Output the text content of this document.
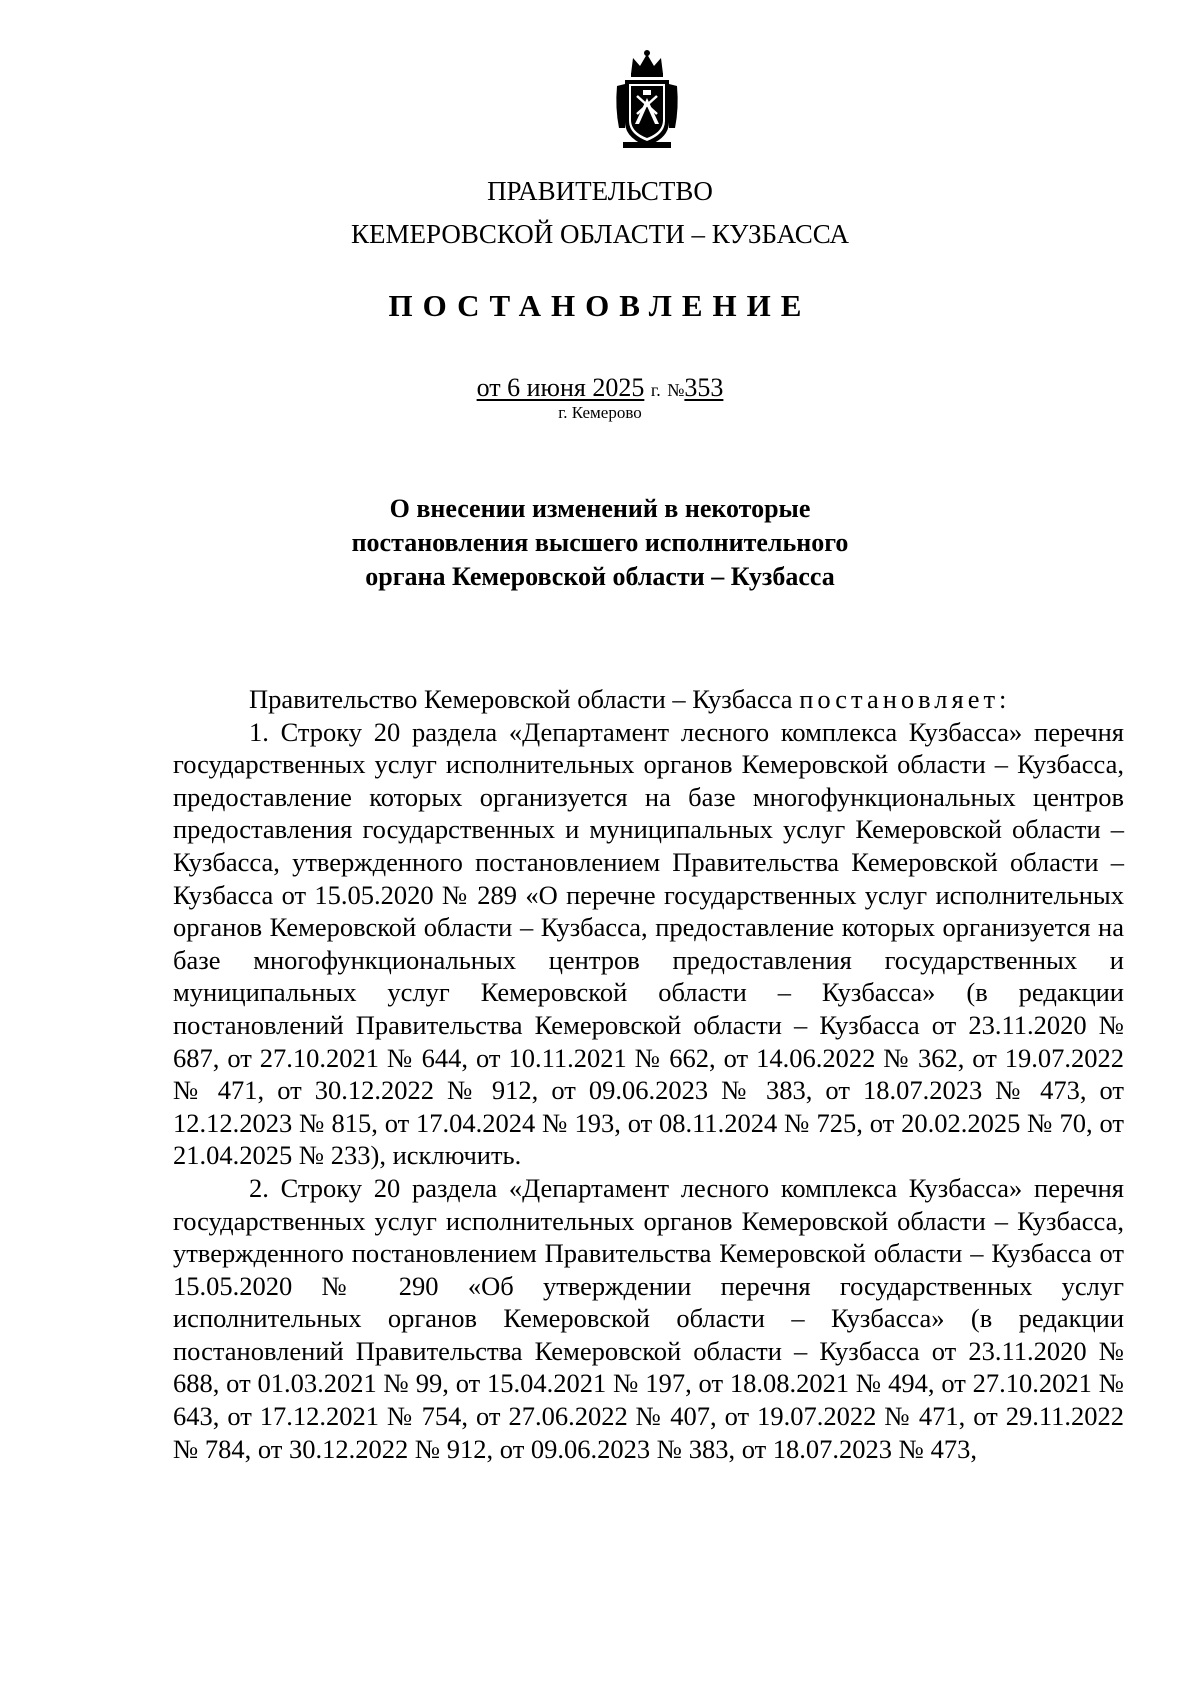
ПРАВИТЕЛЬСТВО
КЕМЕРОВСКОЙ ОБЛАСТИ – КУЗБАССА
ПОСТАНОВЛЕНИЕ
от 6 июня 2025 г. №353
г. Кемерово
О внесении изменений в некоторые
постановления высшего исполнительного
органа Кемеровской области – Кузбасса

Правительство Кемеровской области – Кузбасса постановляет:

1. Строку 20 раздела «Департамент лесного комплекса Кузбасса» перечня государственных услуг исполнительных органов Кемеровской области – Кузбасса, предоставление которых организуется на базе многофункциональных центров предоставления государственных и муниципальных услуг Кемеровской области – Кузбасса, утвержденного постановлением Правительства Кемеровской области – Кузбасса от 15.05.2020 № 289 «О перечне государственных услуг исполнительных органов Кемеровской области – Кузбасса, предоставление которых организуется на базе многофункциональных центров предоставления государственных и муниципальных услуг Кемеровской области – Кузбасса» (в редакции постановлений Правительства Кемеровской области – Кузбасса от 23.11.2020 № 687, от 27.10.2021 № 644, от 10.11.2021 № 662, от 14.06.2022 № 362, от 19.07.2022 № 471, от 30.12.2022 № 912, от 09.06.2023 № 383, от 18.07.2023 № 473, от 12.12.2023 № 815, от 17.04.2024 № 193, от 08.11.2024 № 725, от 20.02.2025 № 70, от 21.04.2025 № 233), исключить.

2. Строку 20 раздела «Департамент лесного комплекса Кузбасса» перечня государственных услуг исполнительных органов Кемеровской области – Кузбасса, утвержденного постановлением Правительства Кемеровской области – Кузбасса от 15.05.2020 № 290 «Об утверждении перечня государственных услуг исполнительных органов Кемеровской области – Кузбасса» (в редакции постановлений Правительства Кемеровской области – Кузбасса от 23.11.2020 № 688, от 01.03.2021 № 99, от 15.04.2021 № 197, от 18.08.2021 № 494, от 27.10.2021 № 643, от 17.12.2021 № 754, от 27.06.2022 № 407, от 19.07.2022 № 471, от 29.11.2022 № 784, от 30.12.2022 № 912, от 09.06.2023 № 383, от 18.07.2023 № 473,
